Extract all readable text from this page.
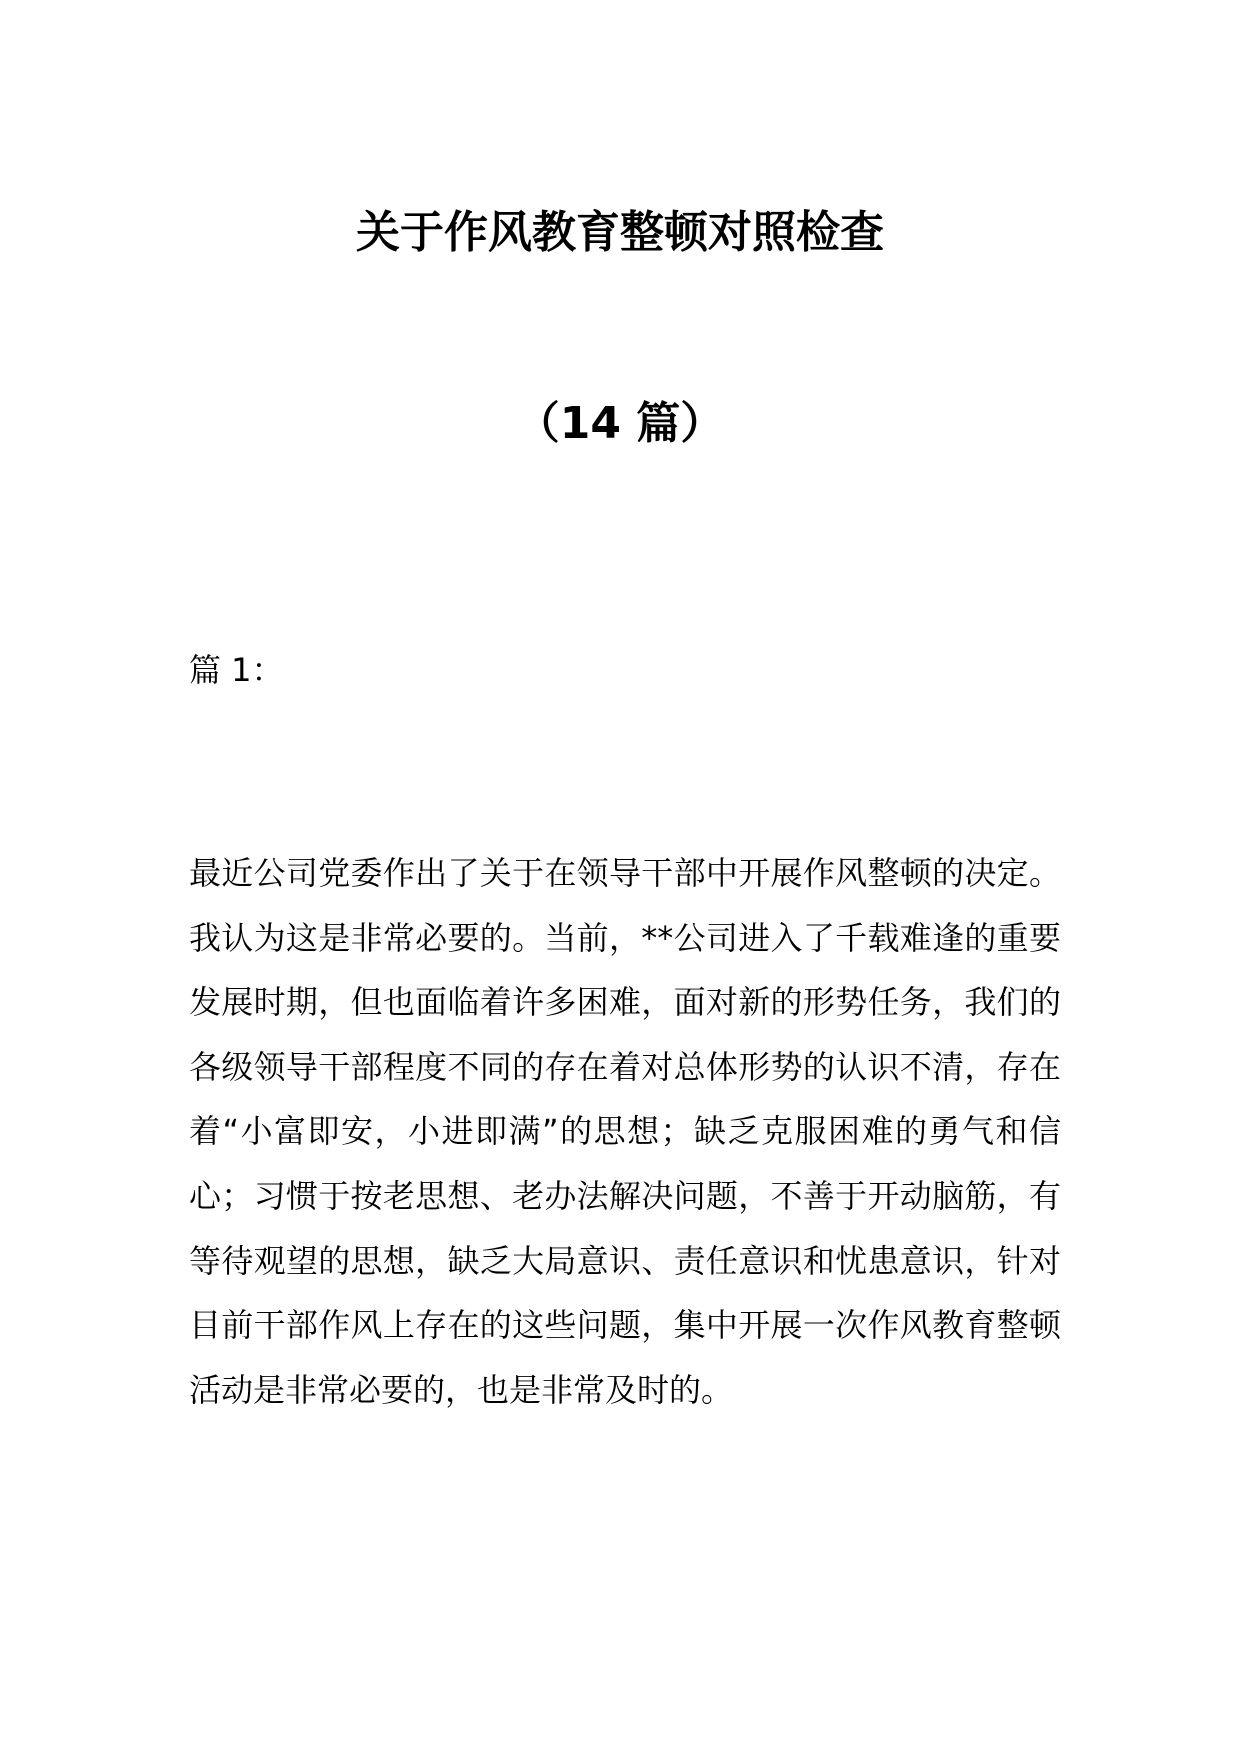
关于作风教育整顿对照检查
（14 篇）

篇 1：

最近公司党委作出了关于在领导干部中开展作风整顿的决定。我认为这是非常必要的。当前，**公司进入了千载难逢的重要发展时期，但也面临着许多困难，面对新的形势任务，我们的各级领导干部程度不同的存在着对总体形势的认识不清，存在着“小富即安，小进即满”的思想；缺乏克服困难的勇气和信心；习惯于按老思想、老办法解决问题，不善于开动脑筋，有等待观望的思想，缺乏大局意识、责任意识和忧患意识，针对目前干部作风上存在的这些问题，集中开展一次作风教育整顿活动是非常必要的，也是非常及时的。
